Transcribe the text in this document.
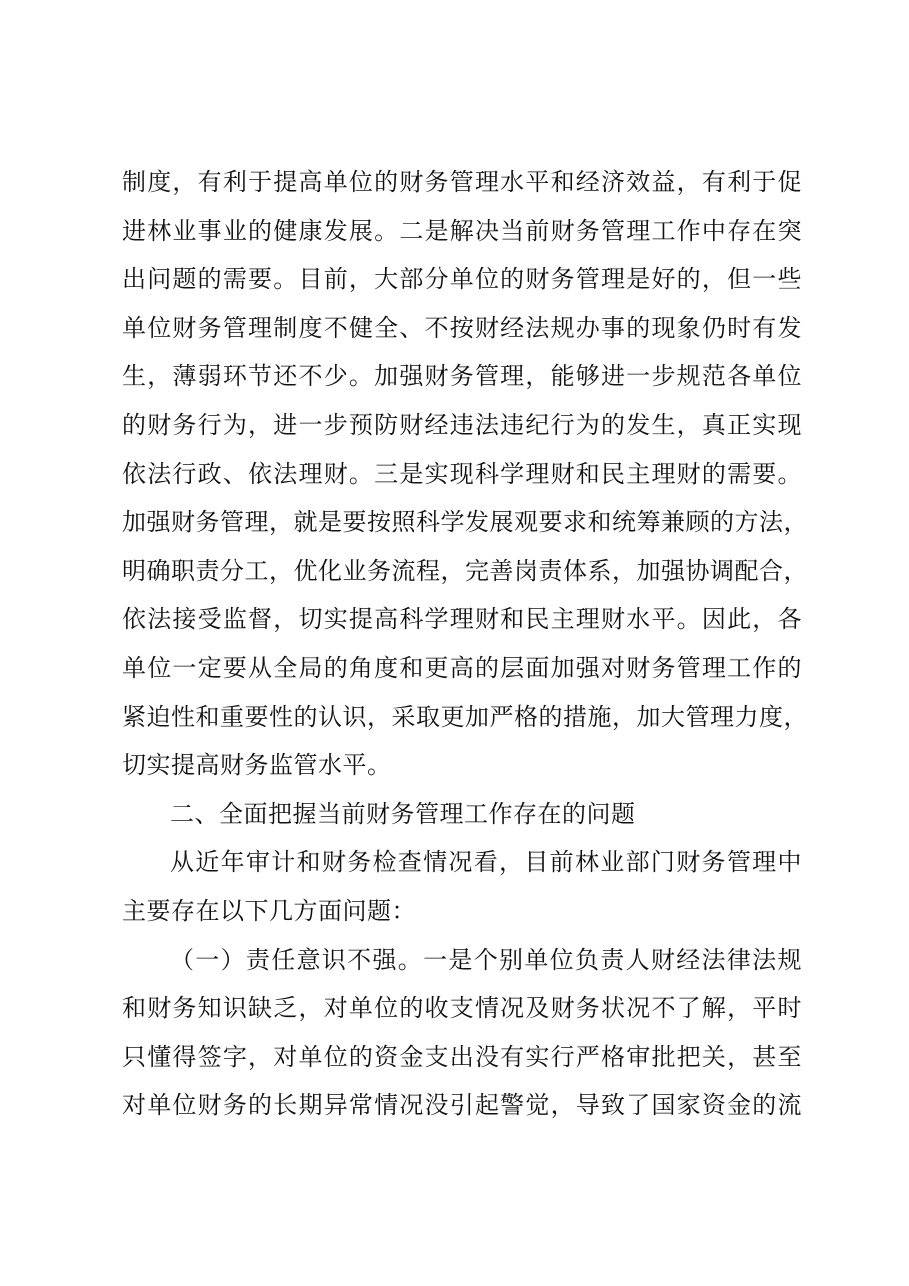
制度，有利于提高单位的财务管理水平和经济效益，有利于促
进林业事业的健康发展。二是解决当前财务管理工作中存在突
出问题的需要。目前，大部分单位的财务管理是好的，但一些
单位财务管理制度不健全、不按财经法规办事的现象仍时有发
生，薄弱环节还不少。加强财务管理，能够进一步规范各单位
的财务行为，进一步预防财经违法违纪行为的发生，真正实现
依法行政、依法理财。三是实现科学理财和民主理财的需要。
加强财务管理，就是要按照科学发展观要求和统筹兼顾的方法，
明确职责分工，优化业务流程，完善岗责体系，加强协调配合，
依法接受监督，切实提高科学理财和民主理财水平。因此，各
单位一定要从全局的角度和更高的层面加强对财务管理工作的
紧迫性和重要性的认识，采取更加严格的措施，加大管理力度，
切实提高财务监管水平。
二、全面把握当前财务管理工作存在的问题
从近年审计和财务检查情况看，目前林业部门财务管理中
主要存在以下几方面问题：
（一）责任意识不强。一是个别单位负责人财经法律法规
和财务知识缺乏，对单位的收支情况及财务状况不了解，平时
只懂得签字，对单位的资金支出没有实行严格审批把关，甚至
对单位财务的长期异常情况没引起警觉，导致了国家资金的流
